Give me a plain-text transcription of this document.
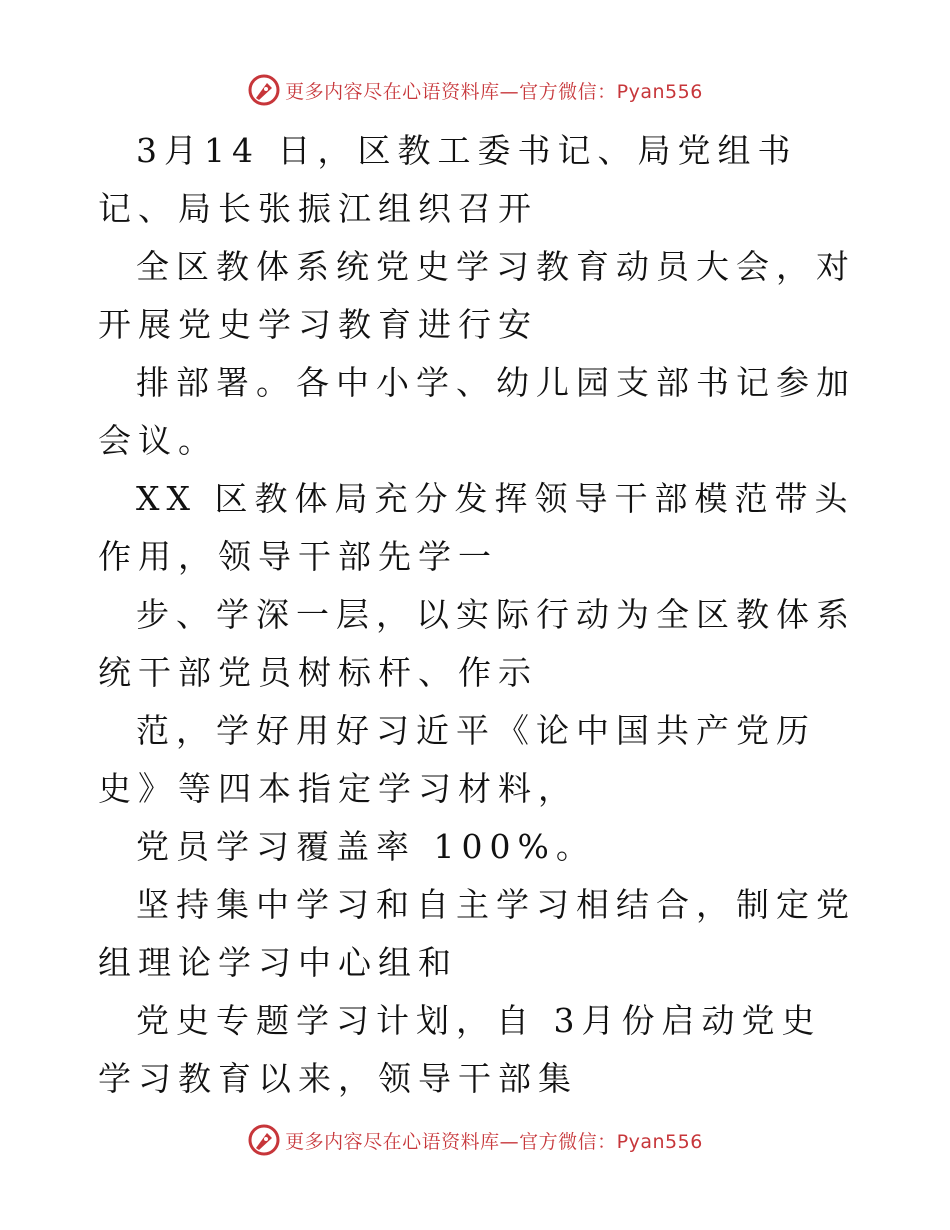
更多内容尽在心语资料库—官方微信：Pyan556

3月14 日，区教工委书记、局党组书记、局长张振江组织召开

全区教体系统党史学习教育动员大会，对开展党史学习教育进行安

排部署。各中小学、幼儿园支部书记参加会议。

XX 区教体局充分发挥领导干部模范带头作用，领导干部先学一

步、学深一层，以实际行动为全区教体系统干部党员树标杆、作示

范，学好用好习近平《论中国共产党历史》等四本指定学习材料，

党员学习覆盖率 100%。

坚持集中学习和自主学习相结合，制定党组理论学习中心组和

党史专题学习计划，自 3月份启动党史学习教育以来，领导干部集

更多内容尽在心语资料库—官方微信：Pyan556
